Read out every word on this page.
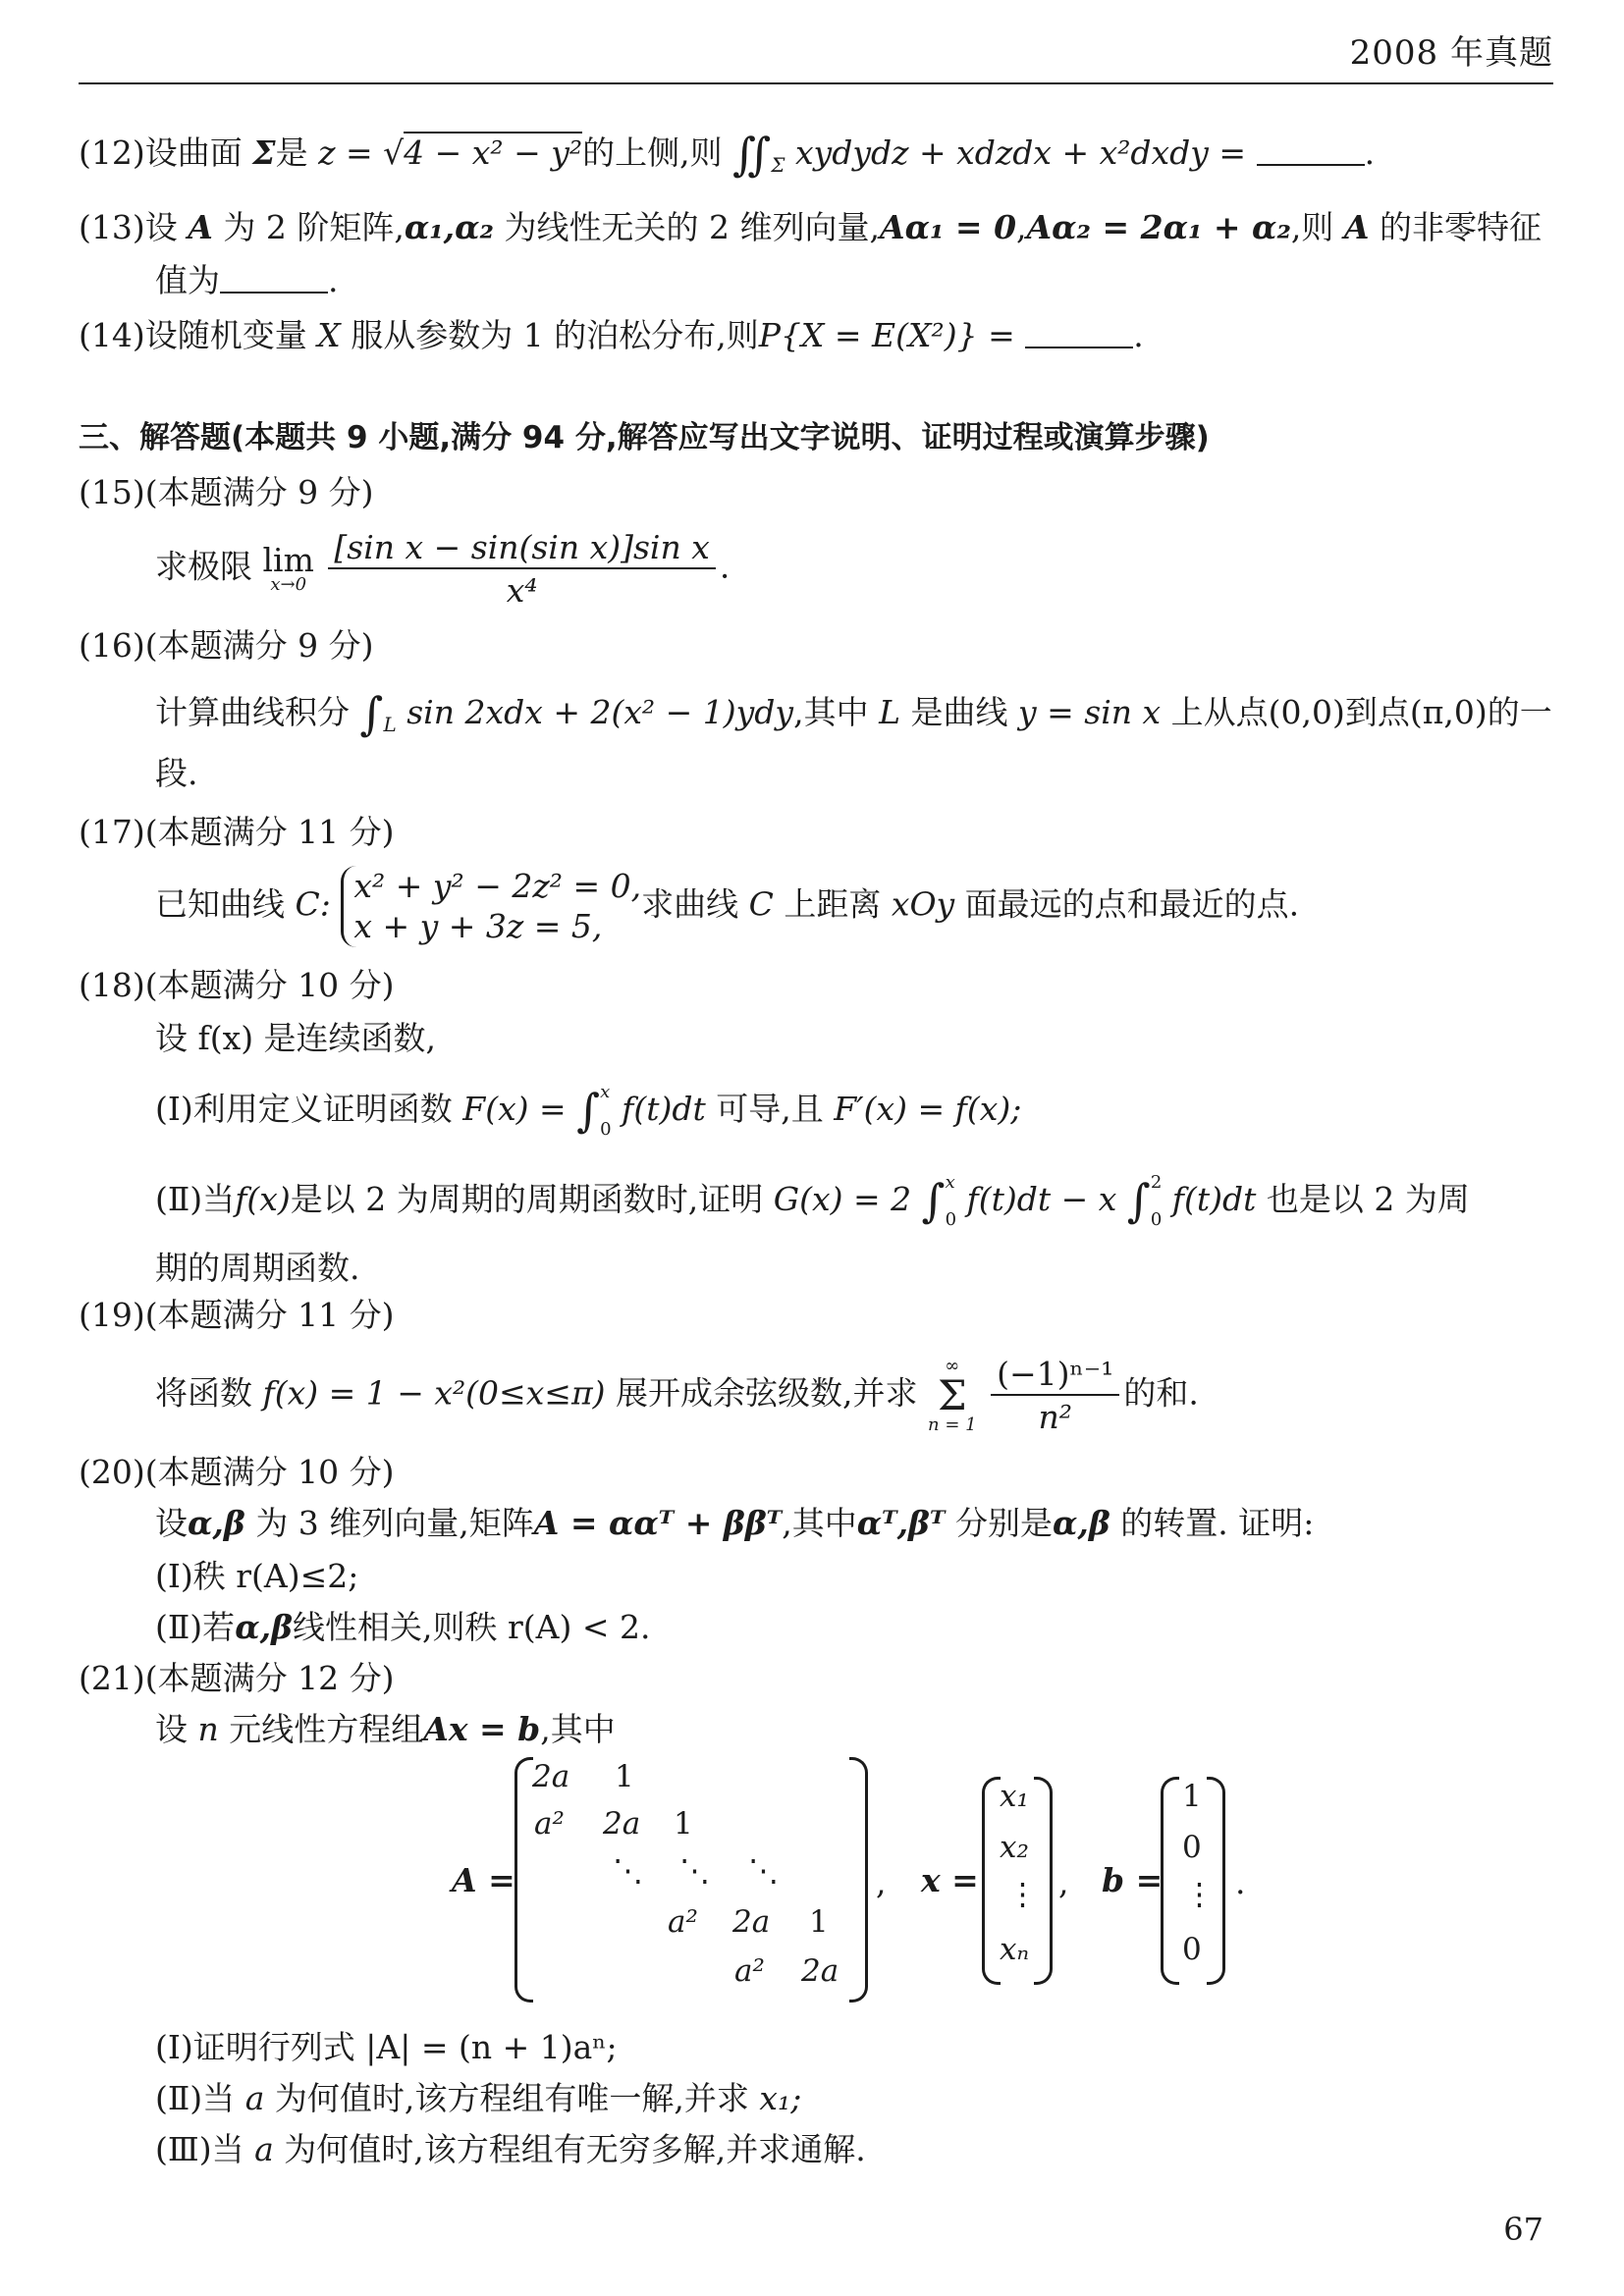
2008 年真题
(12)设曲面 Σ是 z = √4 − x² − y²的上侧,则 $∬_\Sigma$ xydydz + xdzdx + x²dxdy =	.
(13)设 A 为 2 阶矩阵,α₁,α₂ 为线性无关的 2 维列向量,Aα₁ = 0,Aα₂ = 2α₁ + α₂,则 A 的非零特征
值为	.
(14)设随机变量 X 服从参数为 1 的泊松分布,则P{X = E(X²)} =	.
三、解答题(本题共 9 小题,满分 94 分,解答应写出文字说明、证明过程或演算步骤)
(15)(本题满分 9 分)
求极限 lim
x→0
$\frac{\text{[sin x − sin(sin x)]sin x}}{\text{x⁴}}$ .
(16)(本题满分 9 分)
计算曲线积分 $\int_L$ sin 2xdx + 2(x² − 1)ydy,其中 L 是曲线 y = sin x 上从点(0,0)到点(π,0)的一
段.
(17)(本题满分 11 分)
已知曲线 C: x² + y² − 2z² = 0,
x + y + 3z = 5,
求曲线 C 上距离 xOy 面最远的点和最近的点.
(18)(本题满分 10 分)
设 f(x) 是连续函数,
(Ⅰ)利用定义证明函数 F(x) = ∫ x
0
f(t)dt 可导,且 F′(x) = f(x);
(Ⅱ)当f(x)是以 2 为周期的周期函数时,证明 G(x) = 2 ∫ x
0
f(t)dt − x ∫ 2
0
f(t)dt 也是以 2 为周
期的周期函数.
(19)(本题满分 11 分)
将函数 f(x) = 1 − x²(0≤x≤π) 展开成余弦级数,并求
∞
Σ
n = 1
$\frac{\text{(−1)ⁿ⁻¹}}{\text{n²}}$ 的和.
(20)(本题满分 10 分)
设α,β 为 3 维列向量,矩阵A = ααᵀ + ββᵀ,其中αᵀ,βᵀ 分别是α,β 的转置. 证明:
(Ⅰ)秩 r(A)≤2;
(Ⅱ)若α,β线性相关,则秩 r(A) < 2.
(21)(本题满分 12 分)
设 n 元线性方程组Ax = b,其中
A =
2a 1
a² 2a 1
⋱ ⋱ ⋱
a² 2a 1
a² 2a
, x =
x₁
x₂
⋮
xₙ
, b =
1
0
⋮
0
.
(Ⅰ)证明行列式 |A| = (n + 1)aⁿ;
(Ⅱ)当 a 为何值时,该方程组有唯一解,并求 x₁;
(Ⅲ)当 a 为何值时,该方程组有无穷多解,并求通解.
67
